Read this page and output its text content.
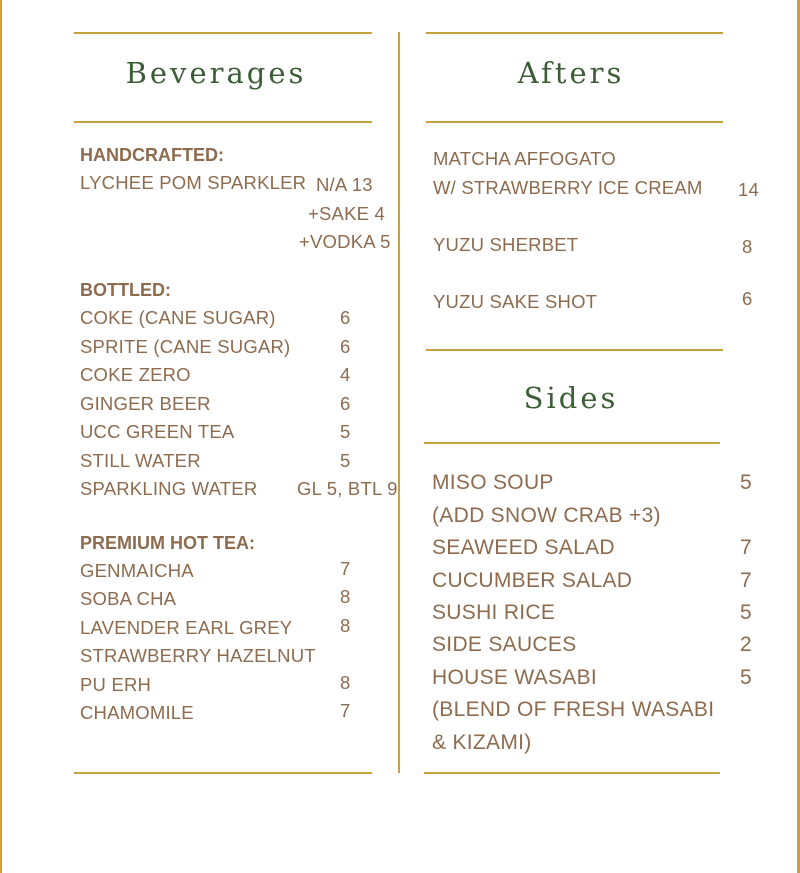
Beverages
HANDCRAFTED:
LYCHEE POM SPARKLER N/A 13
+SAKE 4
+VODKA 5
BOTTLED:
COKE (CANE SUGAR)	6
SPRITE (CANE SUGAR)	6
COKE ZERO	4
GINGER BEER	6
UCC GREEN TEA	5
STILL WATER	5
SPARKLING WATER GL 5, BTL 9
PREMIUM HOT TEA:
GENMAICHA	7
SOBA CHA	8
LAVENDER EARL GREY	8
STRAWBERRY HAZELNUT
PU ERH	8
CHAMOMILE	7
Afters
MATCHA AFFOGATO
W/ STRAWBERRY ICE CREAM 14
YUZU SHERBET	8
YUZU SAKE SHOT	6
Sides
MISO SOUP	5
(ADD SNOW CRAB +3)
SEAWEED SALAD	7
CUCUMBER SALAD	7
SUSHI RICE	5
SIDE SAUCES	2
HOUSE WASABI	5
(BLEND OF FRESH WASABI
& KIZAMI)
